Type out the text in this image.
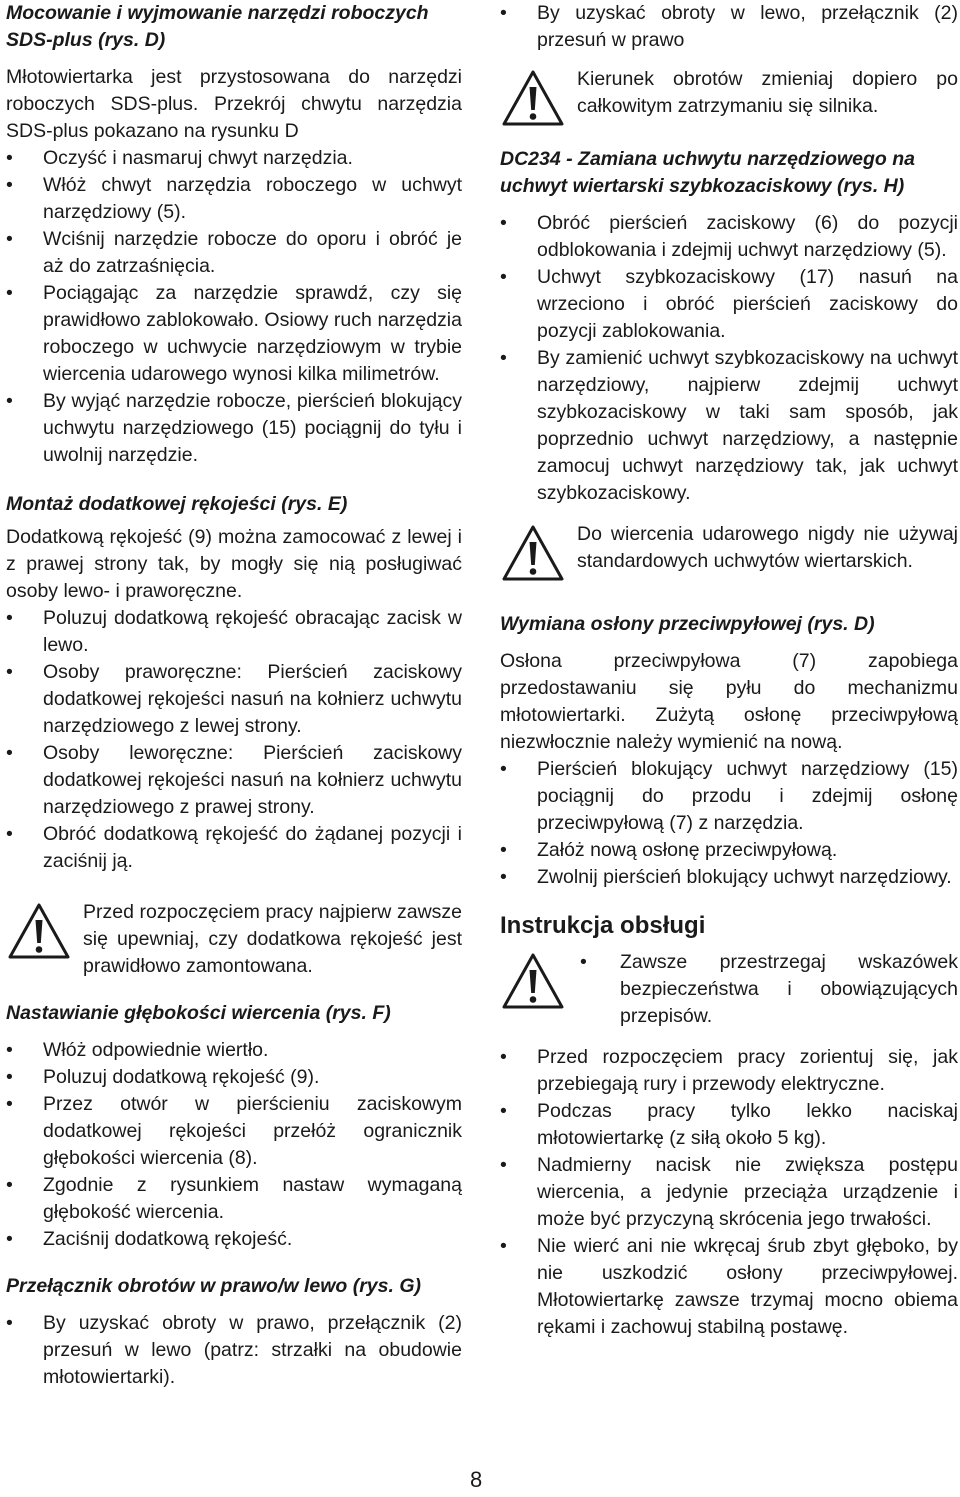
Mocowanie i wyjmowanie narzędzi roboczych SDS-plus (rys. D)

Młotowiertarka jest przystosowana do narzędzi roboczych SDS-plus. Przekrój chwytu narzędzia SDS-plus pokazano na rysunku D

• Oczyść i nasmaruj chwyt narzędzia.
• Włóż chwyt narzędzia roboczego w uchwyt narzędziowy (5).
• Wciśnij narzędzie robocze do oporu i obróć je aż do zatrzaśnięcia.
• Pociągając za narzędzie sprawdź, czy się prawidłowo zablokowało. Osiowy ruch narzędzia roboczego w uchwycie narzędziowym w trybie wiercenia udarowego wynosi kilka milimetrów.
• By wyjąć narzędzie robocze, pierścień blokujący uchwytu narzędziowego (15) pociągnij do tyłu i uwolnij narzędzie.
Montaż dodatkowej rękojeści (rys. E)

Dodatkową rękojeść (9) można zamocować z lewej i z prawej strony tak, by mogły się nią posługiwać osoby lewo- i praworęczne.

• Poluzuj dodatkową rękojeść obracając zacisk w lewo.
• Osoby praworęczne: Pierścień zaciskowy dodatkowej rękojeści nasuń na kołnierz uchwytu narzędziowego z lewej strony.
• Osoby leworęczne: Pierścień zaciskowy dodatkowej rękojeści nasuń na kołnierz uchwytu narzędziowego z prawej strony.
• Obróć dodatkową rękojeść do żądanej pozycji i zaciśnij ją.
Przed rozpoczęciem pracy najpierw zawsze się upewniaj, czy dodatkowa rękojeść jest prawidłowo zamontowana.
Nastawianie głębokości wiercenia (rys. F)
• Włóż odpowiednie wiertło.
• Poluzuj dodatkową rękojeść (9).
• Przez otwór w pierścieniu zaciskowym dodatkowej rękojeści przełóż ogranicznik głębokości wiercenia (8).
• Zgodnie z rysunkiem nastaw wymaganą głębokość wiercenia.
• Zaciśnij dodatkową rękojeść.
Przełącznik obrotów w prawo/w lewo (rys. G)
• By uzyskać obroty w prawo, przełącznik (2) przesuń w lewo (patrz: strzałki na obudowie młotowiertarki).
• By uzyskać obroty w lewo, przełącznik (2) przesuń w prawo
Kierunek obrotów zmieniaj dopiero po całkowitym zatrzymaniu się silnika.
DC234 - Zamiana uchwytu narzędziowego na uchwyt wiertarski szybkozaciskowy (rys. H)
• Obróć pierścień zaciskowy (6) do pozycji odblokowania i zdejmij uchwyt narzędziowy (5).
• Uchwyt szybkozaciskowy (17) nasuń na wrzeciono i obróć pierścień zaciskowy do pozycji zablokowania.
• By zamienić uchwyt szybkozaciskowy na uchwyt narzędziowy, najpierw zdejmij uchwyt szybkozaciskowy w taki sam sposób, jak poprzednio uchwyt narzędziowy, a następnie zamocuj uchwyt narzędziowy tak, jak uchwyt szybkozaciskowy.
Do wiercenia udarowego nigdy nie używaj standardowych uchwytów wiertarskich.
Wymiana osłony przeciwpyłowej (rys. D)

Osłona przeciwpyłowa (7) zapobiega przedostawaniu się pyłu do mechanizmu młotowiertarki. Zużytą osłonę przeciwpyłową niezwłocznie należy wymienić na nową.

• Pierścień blokujący uchwyt narzędziowy (15) pociągnij do przodu i zdejmij osłonę przeciwpyłową (7) z narzędzia.
• Załóż nową osłonę przeciwpyłową.
• Zwolnij pierścień blokujący uchwyt narzędziowy.
Instrukcja obsługi
• Zawsze przestrzegaj wskazówek bezpieczeństwa i obowiązujących przepisów.
• Przed rozpoczęciem pracy zorientuj się, jak przebiegają rury i przewody elektryczne.
• Podczas pracy tylko lekko naciskaj młotowiertarkę (z siłą około 5 kg).
• Nadmierny nacisk nie zwiększa postępu wiercenia, a jedynie przeciąża urządzenie i może być przyczyną skrócenia jego trwałości.
• Nie wierć ani nie wkręcaj śrub zbyt głęboko, by nie uszkodzić osłony przeciwpyłowej. Młotowiertarkę zawsze trzymaj mocno obiema rękami i zachowuj stabilną postawę.
8
